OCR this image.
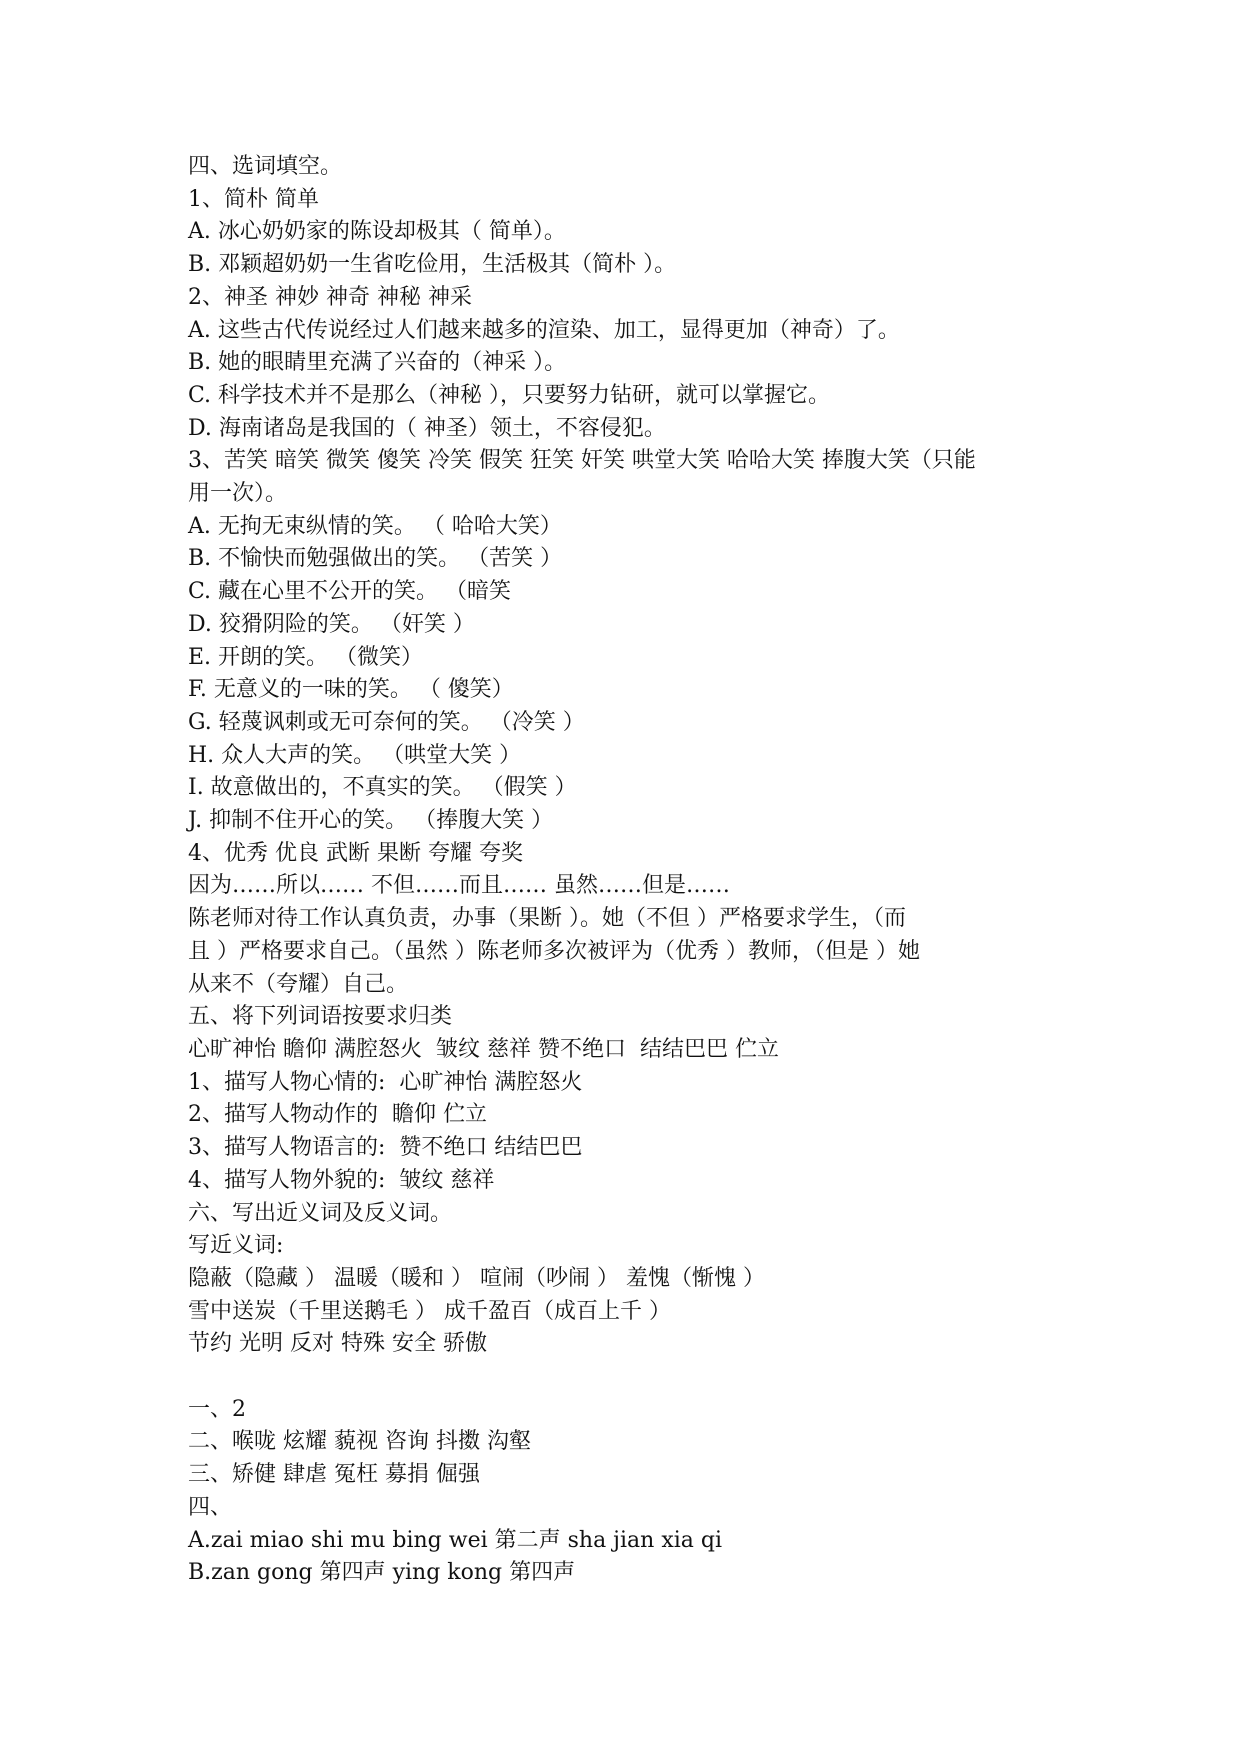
四、选词填空。
1、简朴 简单
A. 冰心奶奶家的陈设却极其（ 简单）。
B. 邓颖超奶奶一生省吃俭用，生活极其（简朴 ）。
2、神圣 神妙 神奇 神秘 神采
A. 这些古代传说经过人们越来越多的渲染、加工，显得更加（神奇）了。
B. 她的眼睛里充满了兴奋的（神采 ）。
C. 科学技术并不是那么（神秘 ），只要努力钻研，就可以掌握它。
D. 海南诸岛是我国的（ 神圣）领土，不容侵犯。
3、苦笑 暗笑 微笑 傻笑 冷笑 假笑 狂笑 奸笑 哄堂大笑 哈哈大笑 捧腹大笑（只能
用一次）。
A. 无拘无束纵情的笑。 （ 哈哈大笑）
B. 不愉快而勉强做出的笑。 （苦笑 ）
C. 藏在心里不公开的笑。 （暗笑
D. 狡猾阴险的笑。 （奸笑 ）
E. 开朗的笑。 （微笑）
F. 无意义的一味的笑。 （ 傻笑）
G. 轻蔑讽刺或无可奈何的笑。 （冷笑 ）
H. 众人大声的笑。 （哄堂大笑 ）
I. 故意做出的，不真实的笑。 （假笑 ）
J. 抑制不住开心的笑。 （捧腹大笑 ）
4、优秀 优良 武断 果断 夸耀 夸奖
因为……所以…… 不但……而且…… 虽然……但是……
陈老师对待工作认真负责，办事（果断 ）。她（不但 ）严格要求学生，（而
且 ）严格要求自己。（虽然 ）陈老师多次被评为（优秀 ）教师，（但是 ）她
从来不（夸耀）自己。
五、将下列词语按要求归类
心旷神怡 瞻仰 满腔怒火  皱纹 慈祥 赞不绝口  结结巴巴 伫立
1、描写人物心情的:  心旷神怡 满腔怒火
2、描写人物动作的  瞻仰 伫立
3、描写人物语言的:  赞不绝口 结结巴巴
4、描写人物外貌的:  皱纹 慈祥
六、写出近义词及反义词。
写近义词:
隐蔽（隐藏 ） 温暖（暖和 ） 喧闹（吵闹 ） 羞愧（惭愧 ）
雪中送炭（千里送鹅毛 ） 成千盈百（成百上千 ）
节约 光明 反对 特殊 安全 骄傲
一、2
二、喉咙 炫耀 藐视 咨询 抖擞 沟壑
三、矫健 肆虐 冤枉 募捐 倔强
四、
A.zai miao shi mu bing wei 第二声 sha jian xia qi
B.zan gong 第四声 ying kong 第四声
